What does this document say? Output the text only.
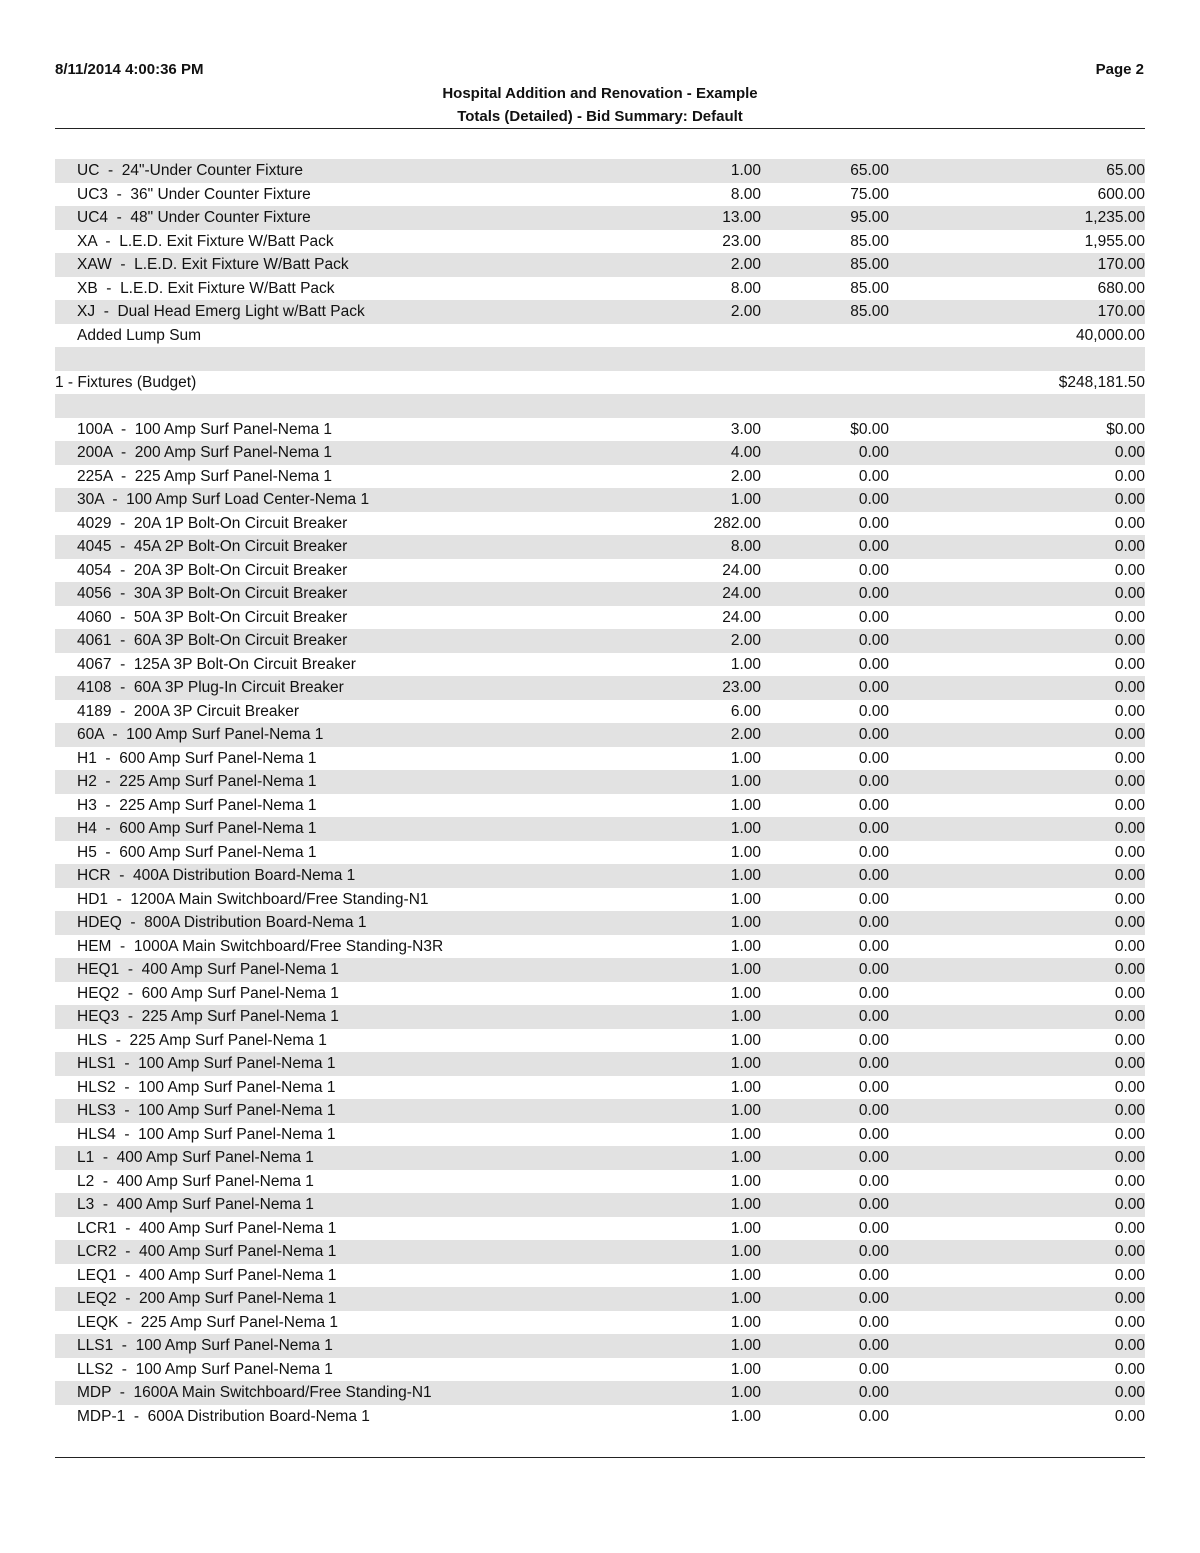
8/11/2014 4:00:36 PM	Page 2
Hospital Addition and Renovation - Example
Totals (Detailed) - Bid Summary: Default
UC  -  24"-Under Counter Fixture	1.00	65.00	65.00
UC3  -  36" Under Counter Fixture	8.00	75.00	600.00
UC4  -  48" Under Counter Fixture	13.00	95.00	1,235.00
XA  -  L.E.D. Exit Fixture W/Batt Pack	23.00	85.00	1,955.00
XAW  -  L.E.D. Exit Fixture W/Batt Pack	2.00	85.00	170.00
XB  -  L.E.D. Exit Fixture W/Batt Pack	8.00	85.00	680.00
XJ  -  Dual Head Emerg Light w/Batt Pack	2.00	85.00	170.00
Added Lump Sum	40,000.00
1 - Fixtures (Budget)	$248,181.50
100A  -  100 Amp Surf Panel-Nema 1	3.00	$0.00	$0.00
200A  -  200 Amp Surf Panel-Nema 1	4.00	0.00	0.00
225A  -  225 Amp Surf Panel-Nema 1	2.00	0.00	0.00
30A  -  100 Amp Surf Load Center-Nema 1	1.00	0.00	0.00
4029  -  20A 1P Bolt-On Circuit Breaker	282.00	0.00	0.00
4045  -  45A 2P Bolt-On Circuit Breaker	8.00	0.00	0.00
4054  -  20A 3P Bolt-On Circuit Breaker	24.00	0.00	0.00
4056  -  30A 3P Bolt-On Circuit Breaker	24.00	0.00	0.00
4060  -  50A 3P Bolt-On Circuit Breaker	24.00	0.00	0.00
4061  -  60A 3P Bolt-On Circuit Breaker	2.00	0.00	0.00
4067  -  125A 3P Bolt-On Circuit Breaker	1.00	0.00	0.00
4108  -  60A 3P Plug-In Circuit Breaker	23.00	0.00	0.00
4189  -  200A 3P Circuit Breaker	6.00	0.00	0.00
60A  -  100 Amp Surf Panel-Nema 1	2.00	0.00	0.00
H1  -  600 Amp Surf Panel-Nema 1	1.00	0.00	0.00
H2  -  225 Amp Surf Panel-Nema 1	1.00	0.00	0.00
H3  -  225 Amp Surf Panel-Nema 1	1.00	0.00	0.00
H4  -  600 Amp Surf Panel-Nema 1	1.00	0.00	0.00
H5  -  600 Amp Surf Panel-Nema 1	1.00	0.00	0.00
HCR  -  400A Distribution Board-Nema 1	1.00	0.00	0.00
HD1  -  1200A Main Switchboard/Free Standing-N1	1.00	0.00	0.00
HDEQ  -  800A Distribution Board-Nema 1	1.00	0.00	0.00
HEM  -  1000A Main Switchboard/Free Standing-N3R	1.00	0.00	0.00
HEQ1  -  400 Amp Surf Panel-Nema 1	1.00	0.00	0.00
HEQ2  -  600 Amp Surf Panel-Nema 1	1.00	0.00	0.00
HEQ3  -  225 Amp Surf Panel-Nema 1	1.00	0.00	0.00
HLS  -  225 Amp Surf Panel-Nema 1	1.00	0.00	0.00
HLS1  -  100 Amp Surf Panel-Nema 1	1.00	0.00	0.00
HLS2  -  100 Amp Surf Panel-Nema 1	1.00	0.00	0.00
HLS3  -  100 Amp Surf Panel-Nema 1	1.00	0.00	0.00
HLS4  -  100 Amp Surf Panel-Nema 1	1.00	0.00	0.00
L1  -  400 Amp Surf Panel-Nema 1	1.00	0.00	0.00
L2  -  400 Amp Surf Panel-Nema 1	1.00	0.00	0.00
L3  -  400 Amp Surf Panel-Nema 1	1.00	0.00	0.00
LCR1  -  400 Amp Surf Panel-Nema 1	1.00	0.00	0.00
LCR2  -  400 Amp Surf Panel-Nema 1	1.00	0.00	0.00
LEQ1  -  400 Amp Surf Panel-Nema 1	1.00	0.00	0.00
LEQ2  -  200 Amp Surf Panel-Nema 1	1.00	0.00	0.00
LEQK  -  225 Amp Surf Panel-Nema 1	1.00	0.00	0.00
LLS1  -  100 Amp Surf Panel-Nema 1	1.00	0.00	0.00
LLS2  -  100 Amp Surf Panel-Nema 1	1.00	0.00	0.00
MDP  -  1600A Main Switchboard/Free Standing-N1	1.00	0.00	0.00
MDP-1  -  600A Distribution Board-Nema 1	1.00	0.00	0.00
